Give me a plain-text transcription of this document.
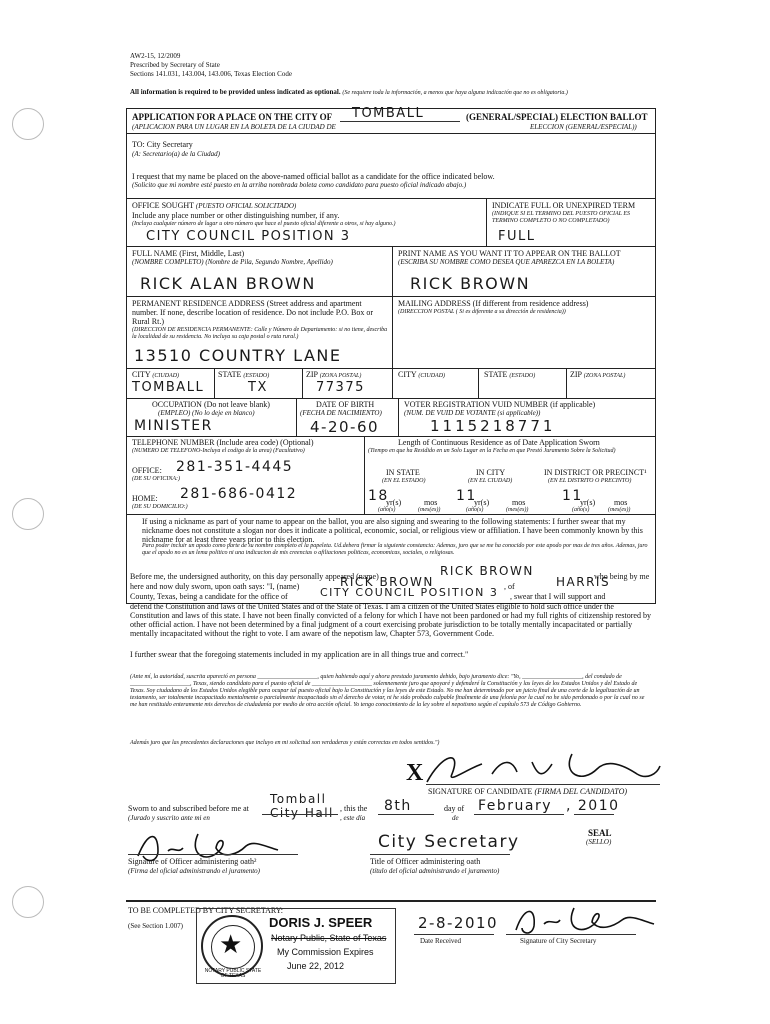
AW2-15, 12/2009
Prescribed by Secretary of State
Sections 141.031, 143.004, 143.006, Texas Election Code
All information is required to be provided unless indicated as optional. (Se requiere toda la información, a menos que haya alguna indicación que no es obligatoria.)
APPLICATION FOR A PLACE ON THE CITY OF TOMBALL	(GENERAL/SPECIAL) ELECTION BALLOT
(APLICACION PARA UN LUGAR EN LA BOLETA DE LA CIUDAD DE	ELECCION (GENERAL/ESPECIAL))
TO: City Secretary
(A: Secretario(a) de la Ciudad)
I request that my name be placed on the above-named official ballot as a candidate for the office indicated below.
(Solicito que mi nombre esté puesto en la arriba nombrada boleta como candidato para puesto oficial indicado abajo.)
OFFICE SOUGHT (PUESTO OFICIAL SOLICITADO)
Include any place number or other distinguishing number, if any.
(Incluya cualquier número de lugar u otro número que hace el puesto oficial diferente a otros, si hay alguno.)
CITY COUNCIL POSITION 3
INDICATE FULL OR UNEXPIRED TERM
(INDIQUE SI EL TERMINO DEL PUESTO OFICIAL ES TERMINO COMPLETO O NO COMPLETADO)
FULL
FULL NAME (First, Middle, Last)
(NOMBRE COMPLETO) (Nombre de Pila, Segundo Nombre, Apellido)
RICK ALAN BROWN
PRINT NAME AS YOU WANT IT TO APPEAR ON THE BALLOT
(ESCRIBA SU NOMBRE COMO DESEA QUE APAREZCA EN LA BOLETA)
RICK BROWN
PERMANENT RESIDENCE ADDRESS (Street address and apartment number. If none, describe location of residence. Do not include P.O. Box or Rural Rt.)
(DIRECCION DE RESIDENCIA PERMANENTE: Calle y Número de Departamento: si no tiene, describa la localidad de su residencia. No incluya su caja postal o ruta rural.)
13510 COUNTRY LANE
MAILING ADDRESS (If different from residence address)
(DIRECCION POSTAL ( Si es diferente a su dirección de residencia))
CITY (CIUDAD)
TOMBALL
STATE (ESTADO)
TX
ZIP (ZONA POSTAL)
77375
CITY (CIUDAD)	STATE (ESTADO)	ZIP (ZONA POSTAL)
OCCUPATION (Do not leave blank)
(EMPLEO) (No lo deje en blanco)
MINISTER
DATE OF BIRTH
(FECHA DE NACIMIENTO)
4-20-60
VOTER REGISTRATION VUID NUMBER (if applicable)
(NUM. DE VUID DE VOTANTE (si applicable))
1115218771
TELEPHONE NUMBER (Include area code) (Optional)
(NUMERO DE TELEFONO-Incluya el codigo de la area) (Facultativo)
OFFICE:
(DE SU OFICINA:)
281-351-4445
HOME:
(DE SU DOMICILIO:)
281-686-0412
Length of Continuous Residence as of Date Application Sworn
(Tiempo en que ha Residido en un Solo Lugar en la Fecha en que Prestó Juramento Sobre la Solicitud)
IN STATE
(EN EL ESTADO)
IN CITY
(EN EL CIUDAD)
IN DISTRICT OR PRECINCT¹
(EN EL DISTRITO O PRECINTO)
18
yr(s)	mos
(año(s)	(mes(es))
11
yr(s)	mos
(año(s)	(mes(es))
11
yr(s) mos
(año(s)	(mes(es))
If using a nickname as part of your name to appear on the ballot, you are also signing and swearing to the following statements: I further swear that my nickname does not constitute a slogan nor does it indicate a political, economic, social, or religious view or affiliation. I have been commonly known by this nickname for at least three years prior to this election.
Para poder incluir un apodo como parte de su nombre completo el la papeleta. Ud.debera firmar la siguiente constancia: Ademas, juro que se me ha conocido por este apodo por mas de tres años. Ademas, juro que el apodo no es un lema politico ni una indicacion de mis creencias o afiliaciones politicas, economicas, sociales, o religiosas.
Before me, the undersigned authority, on this day personally appeared (name)	RICK BROWN	who being by me
here and now duly sworn, upon oath says: "I, (name)	RICK BROWN	, of	HARRIS
County, Texas, being a candidate for the office of	CITY COUNCIL POSITION 3 , swear that I will support and
defend the Constitution and laws of the United States and of the State of Texas. I am a citizen of the United States eligible to hold such office under the Constitution and laws of this state. I have not been finally convicted of a felony for which I have not been pardoned or had my full rights of citizenship restored by other official action. I have not been determined by a final judgment of a court exercising probate jurisdiction to be totally mentally incapacitated or partially mentally incapacitated without the right to vote. I am aware of the nepotism law, Chapter 573, Government Code.
I further swear that the foregoing statements included in my application are in all things true and correct."
(Ante mí, la autoridad, suscrita apareció en persona ____________________, quien habiendo aquí y ahora prestado juramento debido, bajo juramento dice: "Yo, ____________________, del condado de ____________________, Texas, siendo candidato para el puesto oficial de ____________________ solemnemente juro que apoyaré y defenderé la Constitución y las leyes de los Estados Unidos y del Estado de Texas. Soy ciudadano de los Estados Unidos elegible para ocupar tal puesto oficial bajo la Constitución y las leyes de este Estado. No me han determinado por un juicio final de una corte de la legalización de un testamento, ser totalmente incapacitado mentalmente o parcialmente incapacitado sin el derecho de votar, ni he sido probado culpable finalmente de una felonía por la cual no he sido perdonado o por la cual no se me han restituido enteramente mis derechos de ciudadanía por medio de otra acción oficial. Yo tengo conocimiento de la ley sobre el nepotismo según el capítulo 573 de Código Gobierno.
Además juro que las precedentes declaraciones que incluyo en mi solicitud son verdaderas y están correctas en todos sentidos.")
X
SIGNATURE OF CANDIDATE (FIRMA DEL CANDIDATO)
Sworn to and subscribed before me at
(Jurado y suscrito ante mi en
Tomball City Hall , this the
, este día
8th	day of
de
February , 2010
SEAL
(SELLO)
Signature of Officer administering oath²
(Firma del oficial administrando el juramento)
City Secretary
Title of Officer administering oath
(título del oficial administrando el juramento)
TO BE COMPLETED BY CITY SECRETARY:
(See Section 1.007)
★
NOTARY PUBLIC STATE OF TEXAS
DORIS J. SPEER
Notary Public, State of Texas
My Commission Expires
June 22, 2012
2-8-2010
Date Received	Signature of City Secretary
